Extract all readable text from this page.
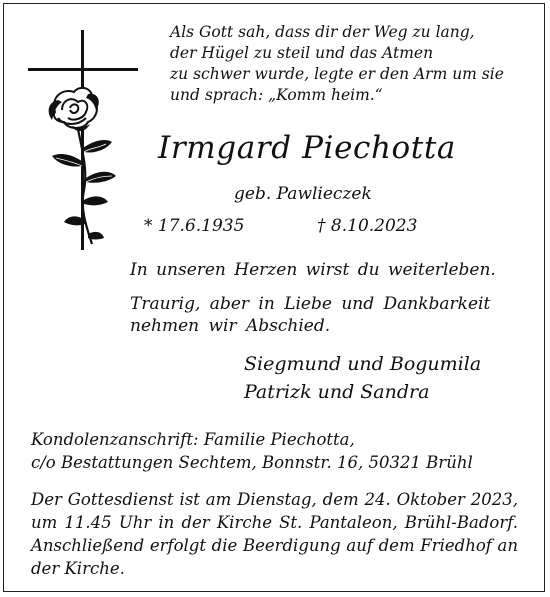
Als Gott sah, dass dir der Weg zu lang,
der Hügel zu steil und das Atmen
zu schwer wurde, legte er den Arm um sie
und sprach: „Komm heim.“
Irmgard Piechotta
geb. Pawlieczek
* 17.6.1935	† 8.10.2023
In unseren Herzen wirst du weiterleben.
Traurig, aber in Liebe und Dankbarkeit
nehmen wir Abschied.
Siegmund und Bogumila
Patrizk und Sandra
Kondolenzanschrift: Familie Piechotta,
c/o Bestattungen Sechtem, Bonnstr. 16, 50321 Brühl
Der Gottesdienst ist am Dienstag, dem 24. Oktober 2023,
um 11.45 Uhr in der Kirche St. Pantaleon, Brühl-Badorf.
Anschließend erfolgt die Beerdigung auf dem Friedhof an
der Kirche.
